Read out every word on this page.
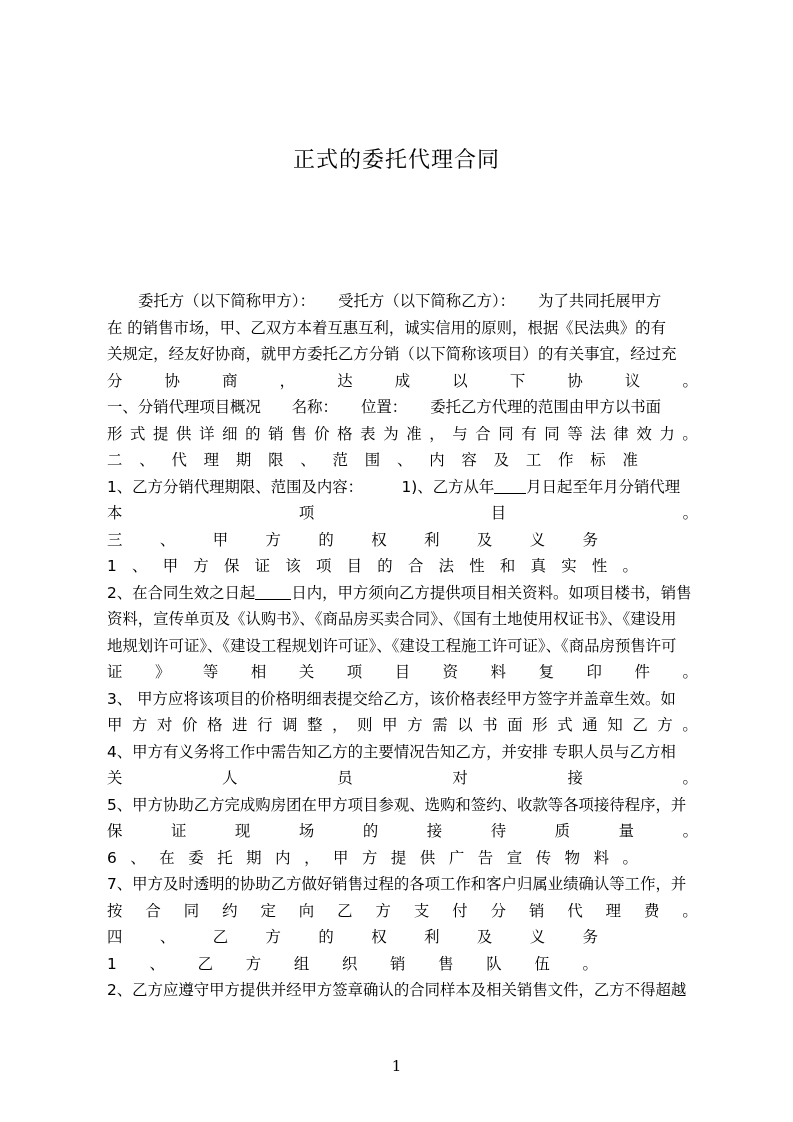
正式的委托代理合同
委托方（以下简称甲方）：　　受托方（以下简称乙方）：　　为了共同托展甲方
在 的销售市场，甲、乙双方本着互惠互利，诚实信用的原则，根据《民法典》的有
关规定，经友好协商，就甲方委托乙方分销（以下简称该项目）的有关事宜，经过充
分	协	商	，	达	成	以	下	协	议	。
一、分销代理项目概况　　名称：　　位置：　　委托乙方代理的范围由甲方以书面
形 式 提 供 详 细 的 销 售 价 格 表 为 准 ， 与 合 同 有 同 等 法 律 效 力 。
二 、 代 理 期 限 、 范 围 、 内 容 及 工 作 标 准
1、乙方分销代理期限、范围及内容：　　　1)、乙方从年 月日起至年月分销代理
本	项	目	。
三 、 甲 方 的 权 利 及 义 务
1 、 甲 方 保 证 该 项 目 的 合 法 性 和 真 实 性 。
2、在合同生效之日起 日内，甲方须向乙方提供项目相关资料。如项目楼书，销售
资料，宣传单页及《认购书》、《商品房买卖合同》、《国有土地使用权证书》、《建设用
地规划许可证》、《建设工程规划许可证》、《建设工程施工许可证》、《商品房预售许可
证 》 等 相 关 项 目 资 料 复 印 件 。
3、 甲方应将该项目的价格明细表提交给乙方，该价格表经甲方签字并盖章生效。如
甲 方 对 价 格 进 行 调 整 ， 则 甲 方 需 以 书 面 形 式 通 知 乙 方 。
4、甲方有义务将工作中需告知乙方的主要情况告知乙方，并安排 专职人员与乙方相
关	人	员	对	接	。
5、甲方协助乙方完成购房团在甲方项目参观、选购和签约、收款等各项接待程序，并
保	证	现	场	的	接	待	质	量	。
6 、 在 委 托 期 内 ， 甲 方 提 供 广 告 宣 传 物 料 。
7、甲方及时透明的协助乙方做好销售过程的各项工作和客户归属业绩确认等工作，并
按 合 同 约 定 向 乙 方 支 付 分 销 代 理 费 。
四 、 乙 方 的 权 利 及 义 务
1 、 乙 方 组 织 销 售 队 伍 。
2、乙方应遵守甲方提供并经甲方签章确认的合同样本及相关销售文件，乙方不得超越
1
